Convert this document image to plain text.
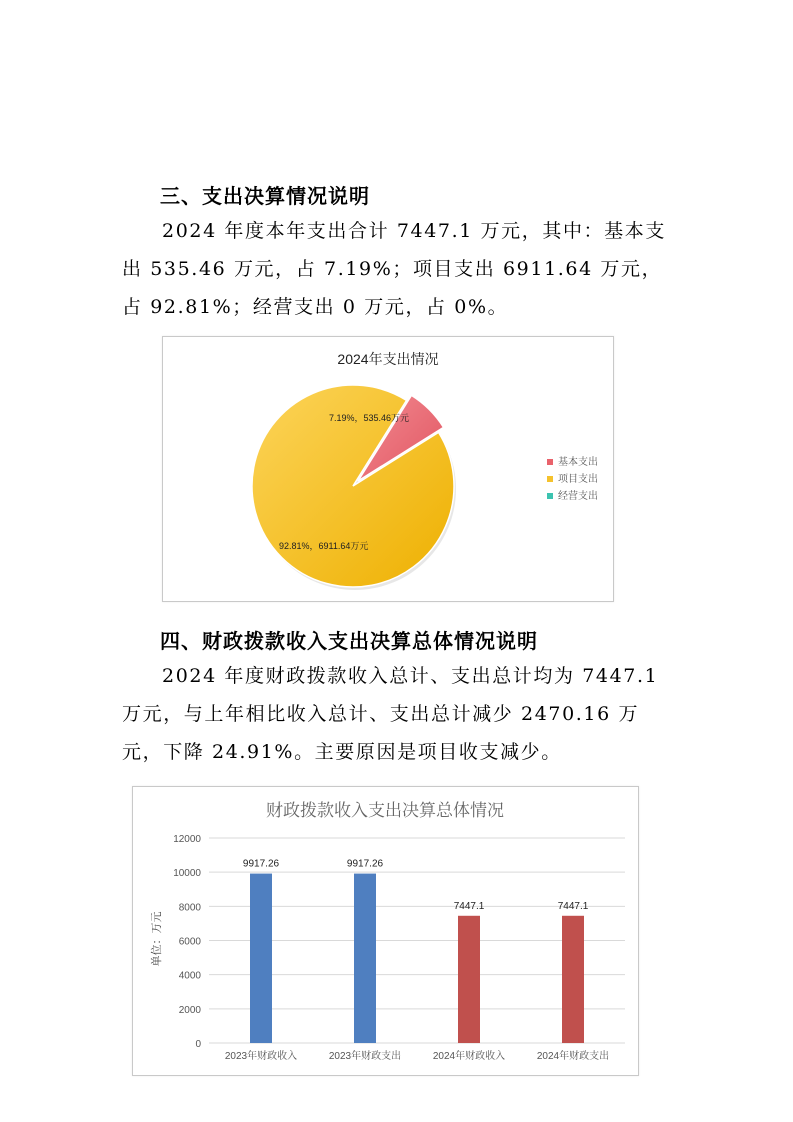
三、支出决算情况说明

2024 年度本年支出合计 7447.1 万元，其中：基本支出 535.46 万元，占 7.19%；项目支出 6911.64 万元，占 92.81%；经营支出 0 万元，占 0%。

2024年支出情况
7.19%，535.46万元
92.81%，6911.64万元
基本支出
项目支出
经营支出
四、财政拨款收入支出决算总体情况说明

2024 年度财政拨款收入总计、支出总计均为 7447.1 万元，与上年相比收入总计、支出总计减少 2470.16 万元，下降 24.91%。主要原因是项目收支减少。

财政拨款收入支出决算总体情况
0
2000
4000
6000
8000
10000
12000
单位：万元
9917.26
2023年财政收入
9917.26
2023年财政支出
7447.1
2024年财政收入
7447.1
2024年财政支出
